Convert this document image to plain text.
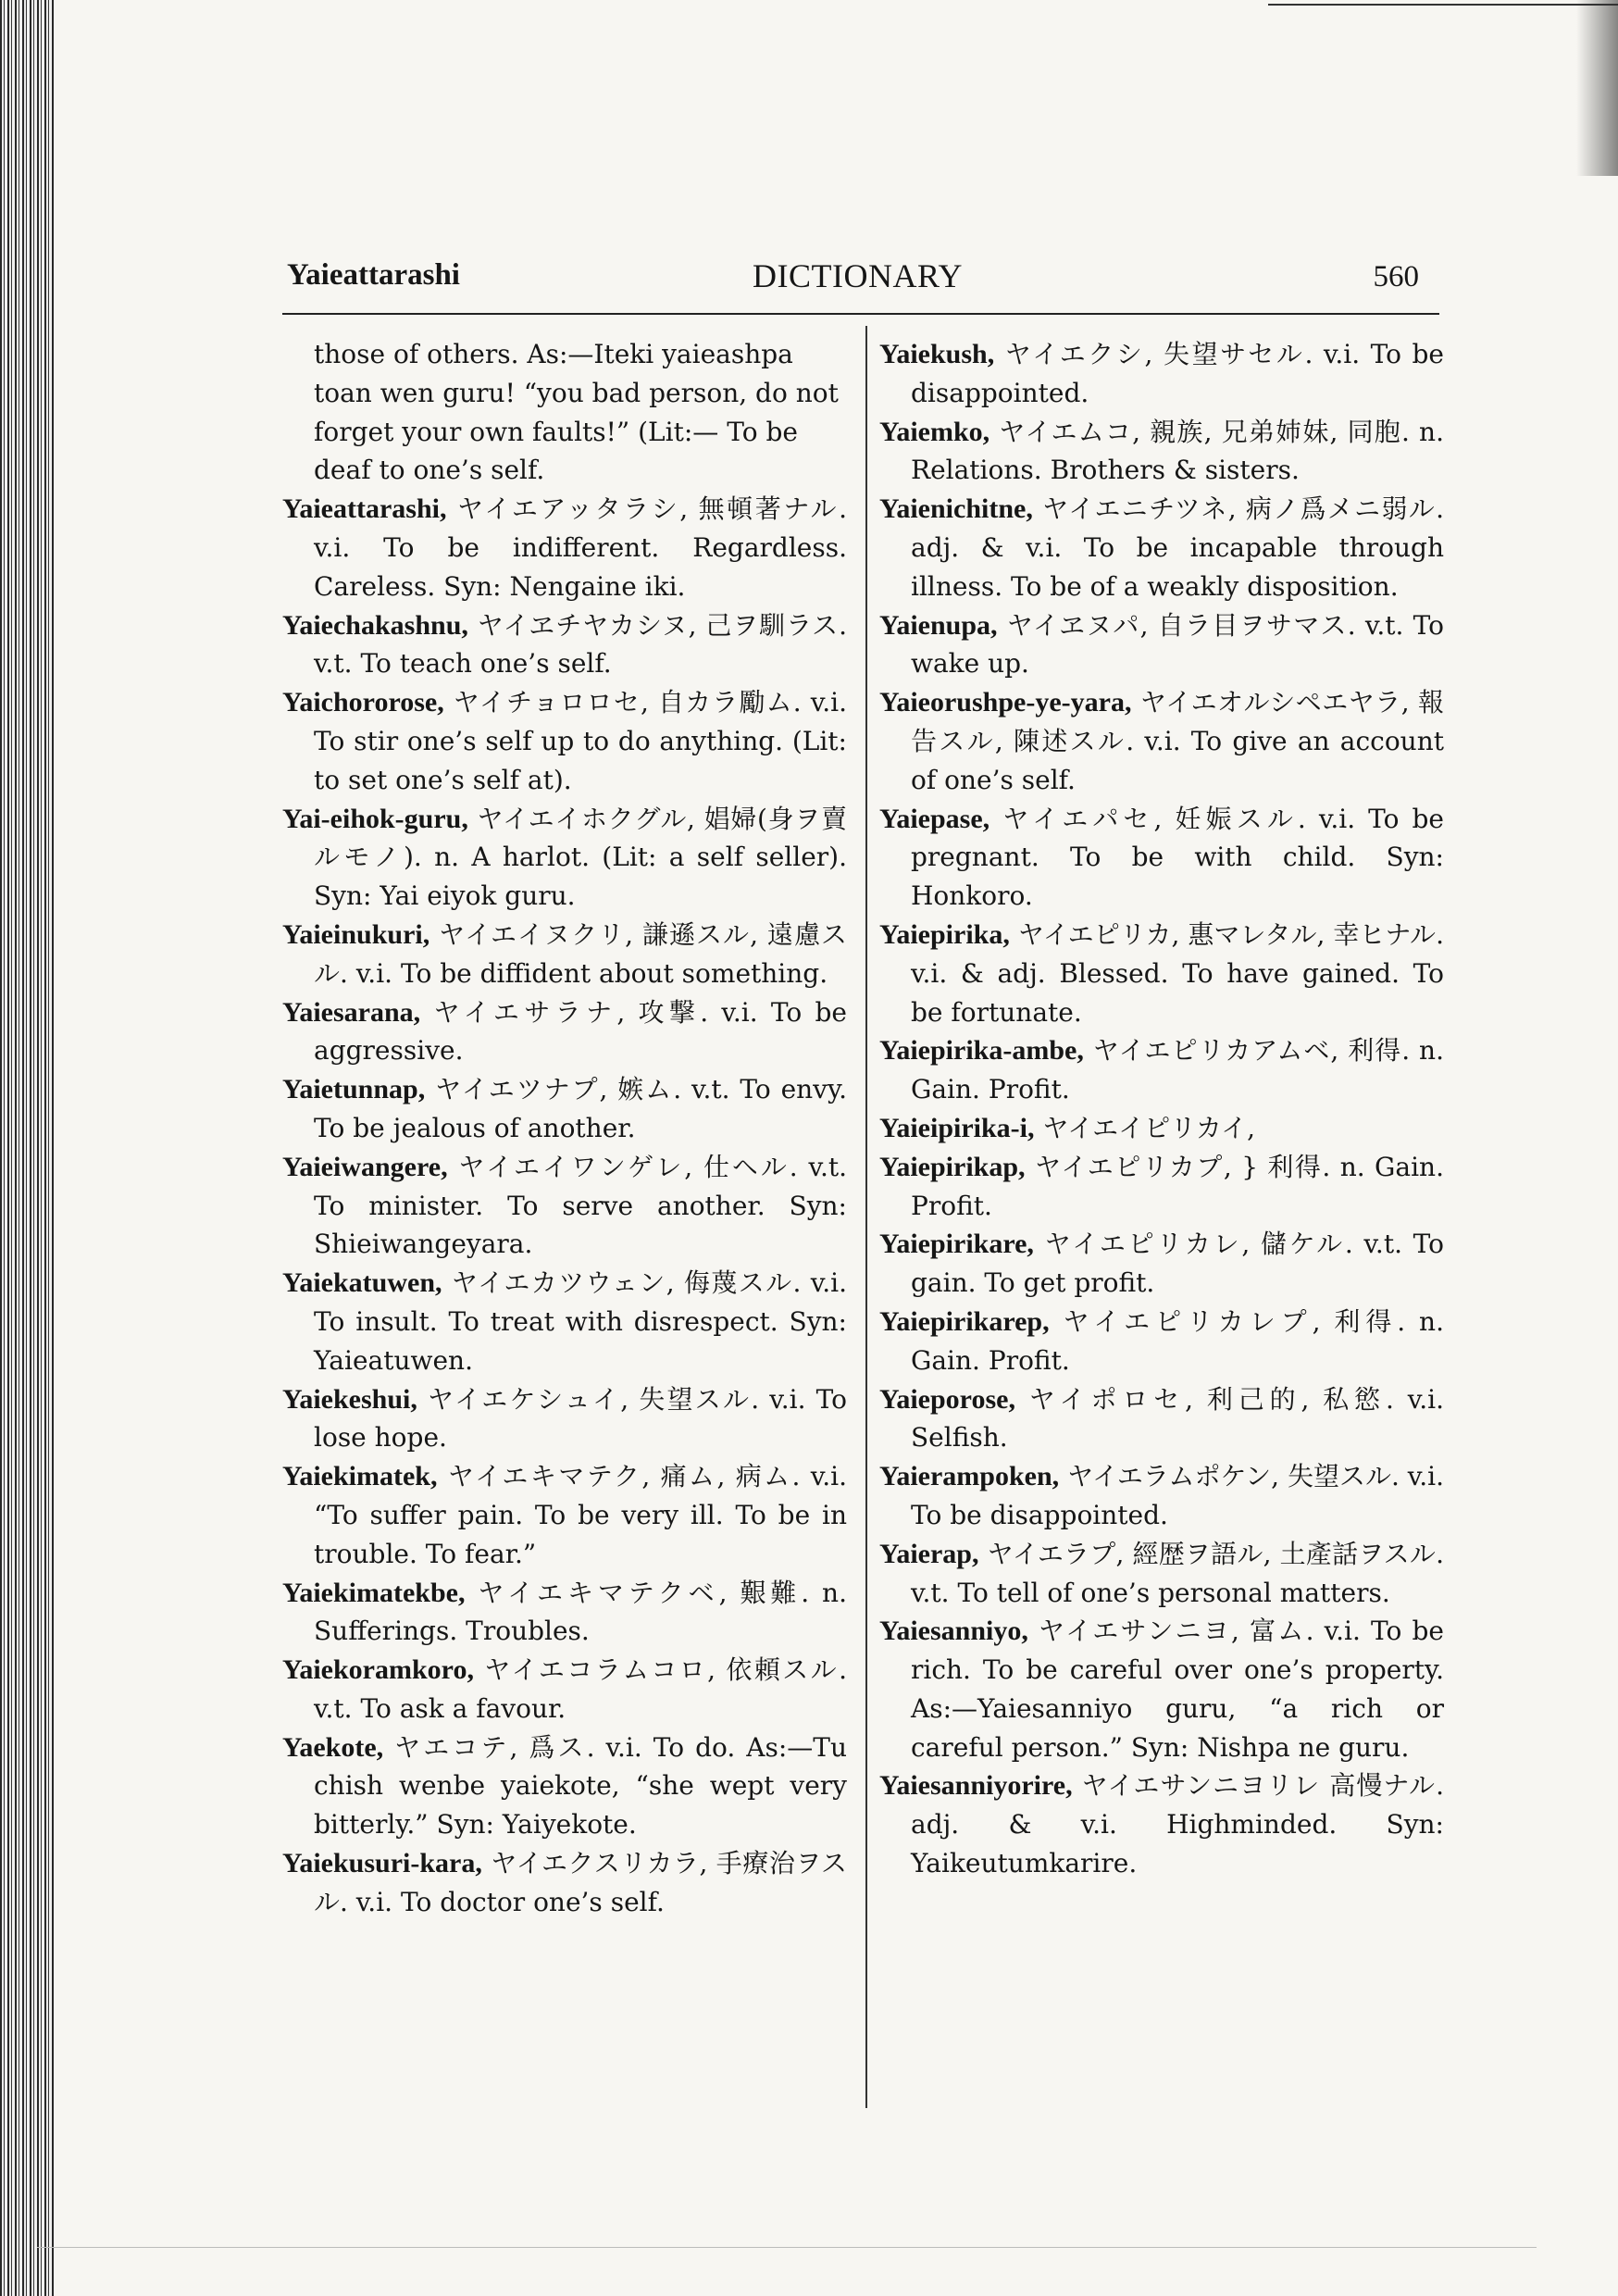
Yaieattarashi	DICTIONARY	560

those of others. As:—Iteki yaieashpa toan wen guru! “you bad person, do not forget your own faults!” (Lit:— To be deaf to one’s self.

Yaieattarashi, ヤイエアッタラシ, 無頓著ナル. v.i. To be indifferent. Regardless. Careless. Syn: Nengaine iki.

Yaiechakashnu, ヤイヱチヤカシヌ, 己ヲ馴ラス. v.t. To teach one’s self.

Yaichororose, ヤイチョロロセ, 自カラ勵ム. v.i. To stir one’s self up to do anything. (Lit: to set one’s self at).

Yai-eihok-guru, ヤイエイホクグル, 娼婦(身ヲ賣ルモノ). n. A harlot. (Lit: a self seller). Syn: Yai eiyok guru.

Yaieinukuri, ヤイエイヌクリ, 謙遜スル, 遠慮スル. v.i. To be diffident about something.

Yaiesarana, ヤイエサラナ, 攻撃. v.i. To be aggressive.

Yaietunnap, ヤイエツナプ, 嫉ム. v.t. To envy. To be jealous of another.

Yaieiwangere, ヤイエイワンゲレ, 仕ヘル. v.t. To minister. To serve another. Syn: Shieiwangeyara.

Yaiekatuwen, ヤイエカツウェン, 侮蔑スル. v.i. To insult. To treat with disrespect. Syn: Yaieatuwen.

Yaiekeshui, ヤイエケシュイ, 失望スル. v.i. To lose hope.

Yaiekimatek, ヤイエキマテク, 痛ム, 病ム. v.i. “To suffer pain. To be very ill. To be in trouble. To fear.”

Yaiekimatekbe, ヤイエキマテクベ, 艱難. n. Sufferings. Troubles.

Yaiekoramkoro, ヤイエコラムコロ, 依頼スル. v.t. To ask a favour.

Yaekote, ヤエコテ, 爲ス. v.i. To do. As:—Tu chish wenbe yaiekote, “she wept very bitterly.” Syn: Yaiyekote.

Yaiekusuri-kara, ヤイエクスリカラ, 手療治ヲスル. v.i. To doctor one’s self.

Yaiekush, ヤイエクシ, 失望サセル. v.i. To be disappointed.

Yaiemko, ヤイエムコ, 親族, 兄弟姉妹, 同胞. n. Relations. Brothers & sisters.

Yaienichitne, ヤイエニチツネ, 病ノ爲メニ弱ル. adj. & v.i. To be incapable through illness. To be of a weakly disposition.

Yaienupa, ヤイヱヌパ, 自ラ目ヲサマス. v.t. To wake up.

Yaieorushpe-ye-yara, ヤイエオルシペエヤラ, 報告スル, 陳述スル. v.i. To give an account of one’s self.

Yaiepase, ヤイエパセ, 妊娠スル. v.i. To be pregnant. To be with child. Syn: Honkoro.

Yaiepirika, ヤイエピリカ, 惠マレタル, 幸ヒナル. v.i. & adj. Blessed. To have gained. To be fortunate.

Yaiepirika-ambe, ヤイエピリカアムベ, 利得. n. Gain. Profit.

Yaieipirika-i, ヤイエイピリカイ,

Yaiepirikap, ヤイエピリカプ, } 利得. n. Gain. Profit.

Yaiepirikare, ヤイエピリカレ, 儲ケル. v.t. To gain. To get profit.

Yaiepirikarep, ヤイエピリカレプ, 利得. n. Gain. Profit.

Yaieporose, ヤイポロセ, 利己的, 私慾. v.i. Selfish.

Yaierampoken, ヤイエラムポケン, 失望スル. v.i. To be disappointed.

Yaierap, ヤイエラプ, 經歴ヲ語ル, 土產話ヲスル. v.t. To tell of one’s personal matters.

Yaiesanniyo, ヤイエサンニヨ, 富ム. v.i. To be rich. To be careful over one’s property. As:—Yaiesanniyo guru, “a rich or careful person.” Syn: Nishpa ne guru.

Yaiesanniyorire, ヤイエサンニヨリレ 高慢ナル. adj. & v.i. Highminded. Syn: Yaikeutumkarire.
